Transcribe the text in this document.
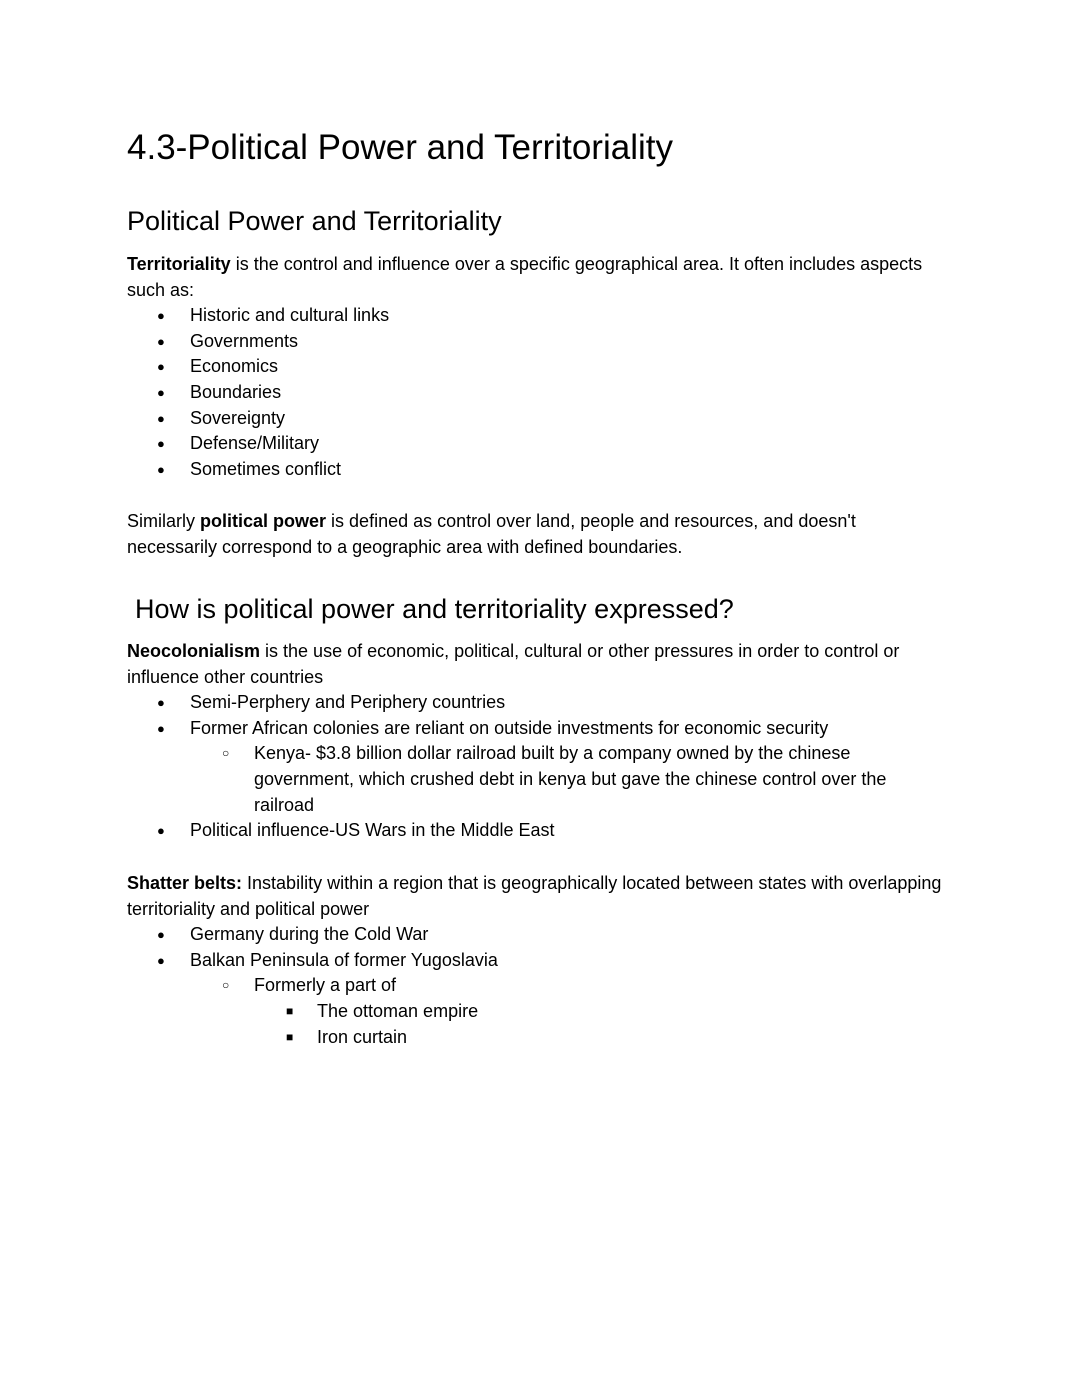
4.3-Political Power and Territoriality
Political Power and Territoriality

Territoriality is the control and influence over a specific geographical area. It often includes aspects such as:

● Historic and cultural links
● Governments
● Economics
● Boundaries
● Sovereignty
● Defense/Military
● Sometimes conflict

Similarly political power is defined as control over land, people and resources, and doesn't necessarily correspond to a geographic area with defined boundaries.

How is political power and territoriality expressed?

Neocolonialism is the use of economic, political, cultural or other pressures in order to control or influence other countries

● Semi-Perphery and Periphery countries
● Former African colonies are reliant on outside investments for economic security
○ Kenya- $3.8 billion dollar railroad built by a company owned by the chinese government, which crushed debt in kenya but gave the chinese control over the railroad
● Political influence-US Wars in the Middle East

Shatter belts: Instability within a region that is geographically located between states with overlapping territoriality and political power

● Germany during the Cold War
● Balkan Peninsula of former Yugoslavia
○ Formerly a part of
■ The ottoman empire
■ Iron curtain
